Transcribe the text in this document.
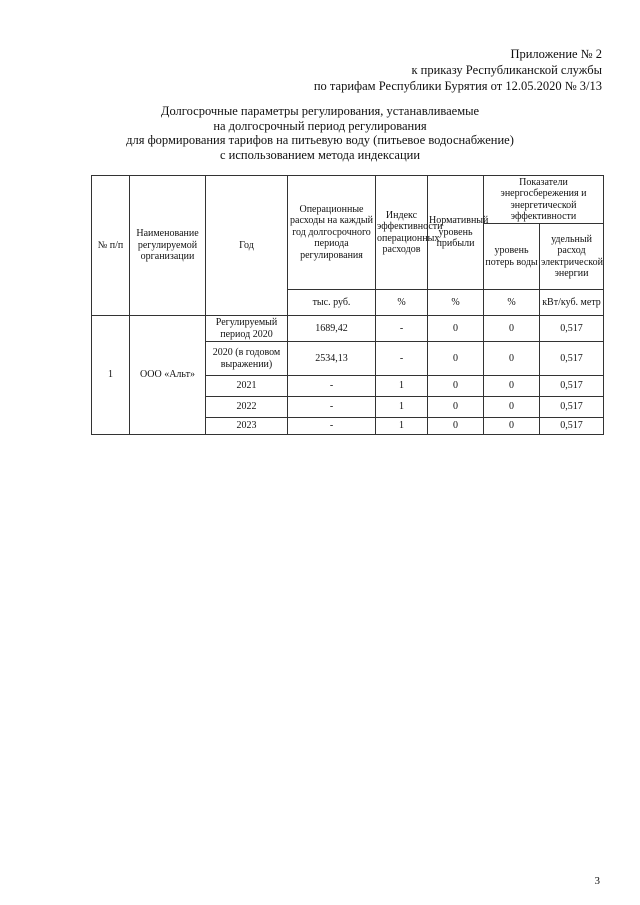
Приложение № 2
к приказу Республиканской службы
по тарифам Республики Бурятия от 12.05.2020 № 3/13
Долгосрочные параметры регулирования, устанавливаемые
на долгосрочный период регулирования
для формирования тарифов на питьевую воду (питьевое водоснабжение)
с использованием метода индексации
№ п/п	Наименование регулируемой организации	Год	Операционные расходы на каждый год долгосрочного периода регулирования	Индекс эффективности операционных расходов	Нормативный уровень прибыли	Показатели энергосбережения и энергетической эффективности	
						уровень потерь воды	удельный расход электрической энергии
			тыс. руб.	%	%	%	кВт/куб. метр
1	ООО «Альт»	Регулируемый период 2020	1689,42	-	0	0	0,517
		2020 (в годовом выражении)	2534,13	-	0	0	0,517
		2021	-	1	0	0	0,517
		2022	-	1	0	0	0,517
		2023	-	1	0	0	0,517
3
